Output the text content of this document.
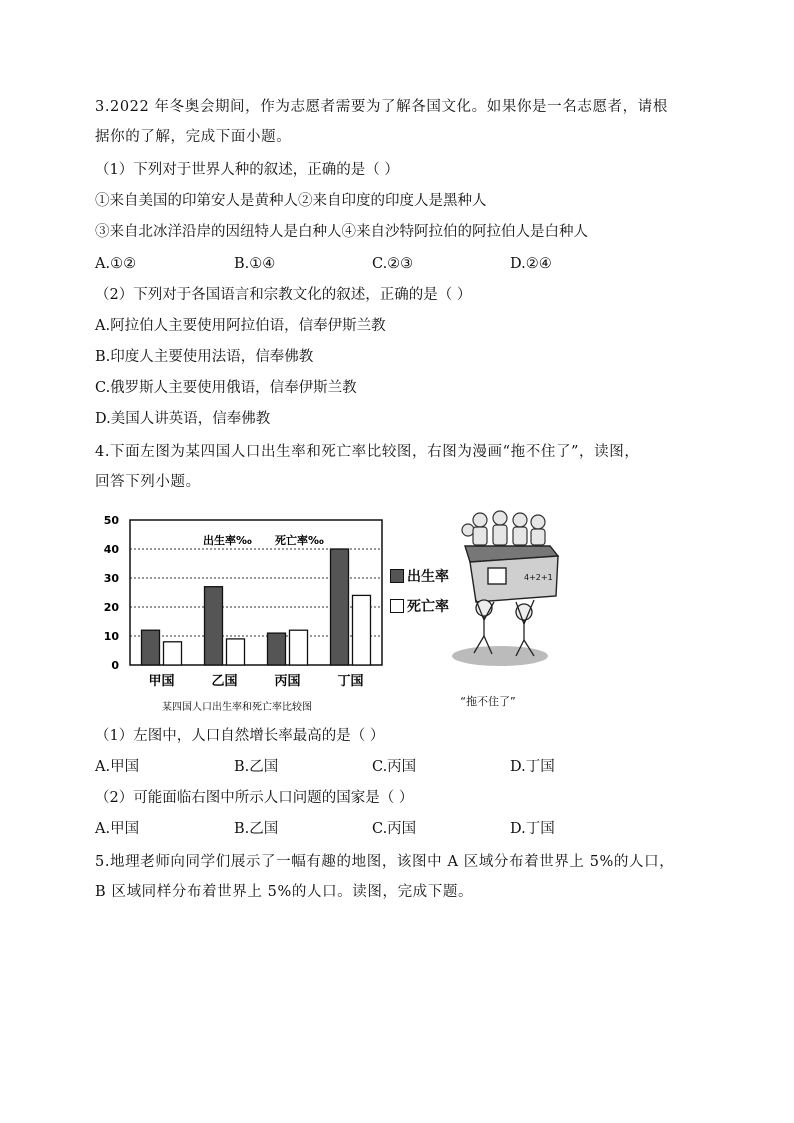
3.2022 年冬奥会期间，作为志愿者需要为了解各国文化。如果你是一名志愿者，请根
据你的了解，完成下面小题。
（1）下列对于世界人种的叙述，正确的是（ ）
①来自美国的印第安人是黄种人②来自印度的印度人是黑种人
③来自北冰洋沿岸的因纽特人是白种人④来自沙特阿拉伯的阿拉伯人是白种人
A.①②	B.①④	C.②③	D.②④
（2）下列对于各国语言和宗教文化的叙述，正确的是（ ）
A.阿拉伯人主要使用阿拉伯语，信奉伊斯兰教
B.印度人主要使用法语，信奉佛教
C.俄罗斯人主要使用俄语，信奉伊斯兰教
D.美国人讲英语，信奉佛教
4.下面左图为某四国人口出生率和死亡率比较图，右图为漫画“拖不住了”，读图，
回答下列小题。
0
10
20
30
40
50
甲国	乙国	丙国	丁国
出生率‰ 死亡率‰
某四国人口出生率和死亡率比较图
4+2+1
“拖不住了”
（1）左图中，人口自然增长率最高的是（ ）
A.甲国	B.乙国	C.丙国	D.丁国
（2）可能面临右图中所示人口问题的国家是（ ）
A.甲国	B.乙国	C.丙国	D.丁国
5.地理老师向同学们展示了一幅有趣的地图，该图中 A 区域分布着世界上 5%的人口，
B 区域同样分布着世界上 5%的人口。读图，完成下题。
出生率
死亡率
